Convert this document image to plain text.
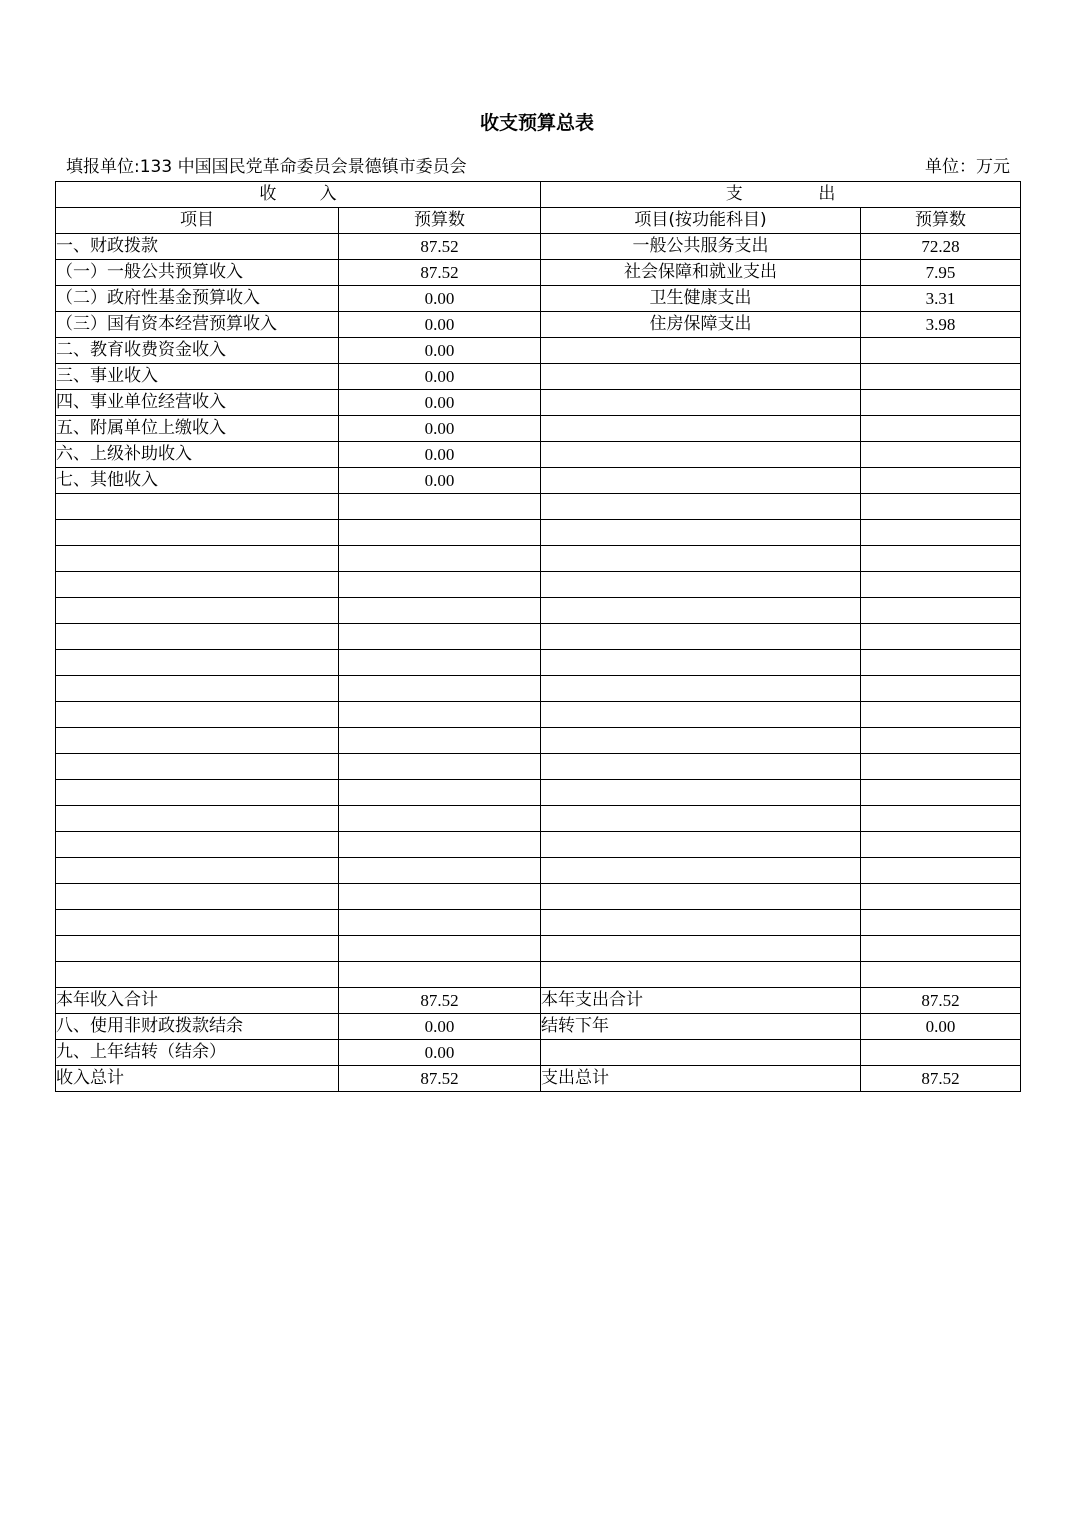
收支预算总表
填报单位:133 中国国民党革命委员会景德镇市委员会	单位：万元
收        入		支              出	
项目	预算数	项目(按功能科目)	预算数
一、财政拨款	87.52	一般公共服务支出	72.28
（一）一般公共预算收入	87.52	社会保障和就业支出	7.95
（二）政府性基金预算收入	0.00	卫生健康支出	3.31
（三）国有资本经营预算收入	0.00	住房保障支出	3.98
二、教育收费资金收入	0.00		
三、事业收入	0.00		
四、事业单位经营收入	0.00		
五、附属单位上缴收入	0.00		
六、上级补助收入	0.00		
七、其他收入	0.00		

本年收入合计	87.52	本年支出合计	87.52
八、使用非财政拨款结余	0.00	结转下年	0.00
九、上年结转（结余）	0.00		
收入总计	87.52	支出总计	87.52
